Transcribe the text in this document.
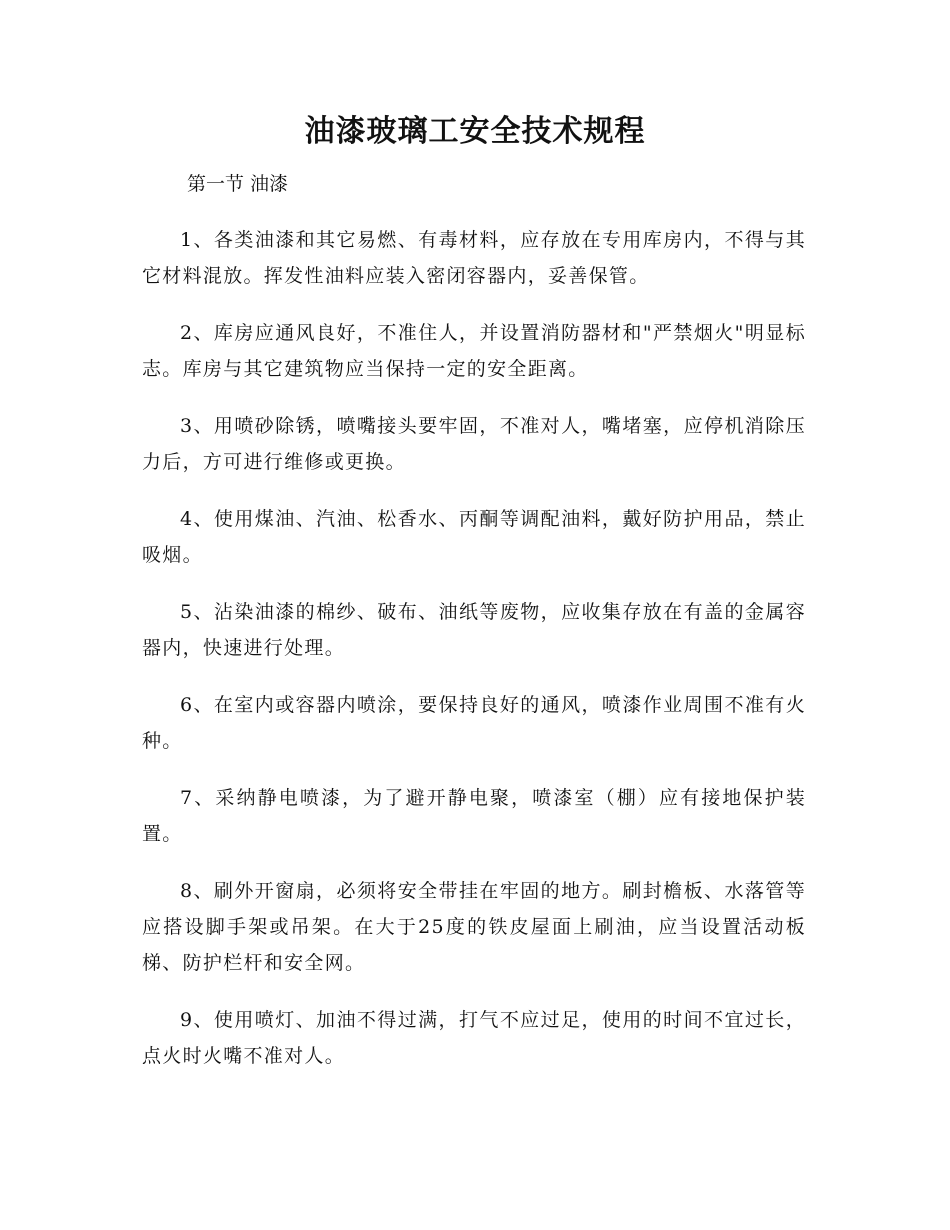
油漆玻璃工安全技术规程
第一节 油漆

1、各类油漆和其它易燃、有毒材料，应存放在专用库房内，不得与其它材料混放。挥发性油料应装入密闭容器内，妥善保管。

2、库房应通风良好，不准住人，并设置消防器材和"严禁烟火"明显标志。库房与其它建筑物应当保持一定的安全距离。

3、用喷砂除锈，喷嘴接头要牢固，不准对人，嘴堵塞，应停机消除压力后，方可进行维修或更换。

4、使用煤油、汽油、松香水、丙酮等调配油料，戴好防护用品，禁止吸烟。

5、沾染油漆的棉纱、破布、油纸等废物，应收集存放在有盖的金属容器内，快速进行处理。

6、在室内或容器内喷涂，要保持良好的通风，喷漆作业周围不准有火种。

7、采纳静电喷漆，为了避开静电聚，喷漆室（棚）应有接地保护装置。

8、刷外开窗扇，必须将安全带挂在牢固的地方。刷封檐板、水落管等应搭设脚手架或吊架。在大于25度的铁皮屋面上刷油，应当设置活动板梯、防护栏杆和安全网。

9、使用喷灯、加油不得过满，打气不应过足，使用的时间不宜过长，点火时火嘴不准对人。
